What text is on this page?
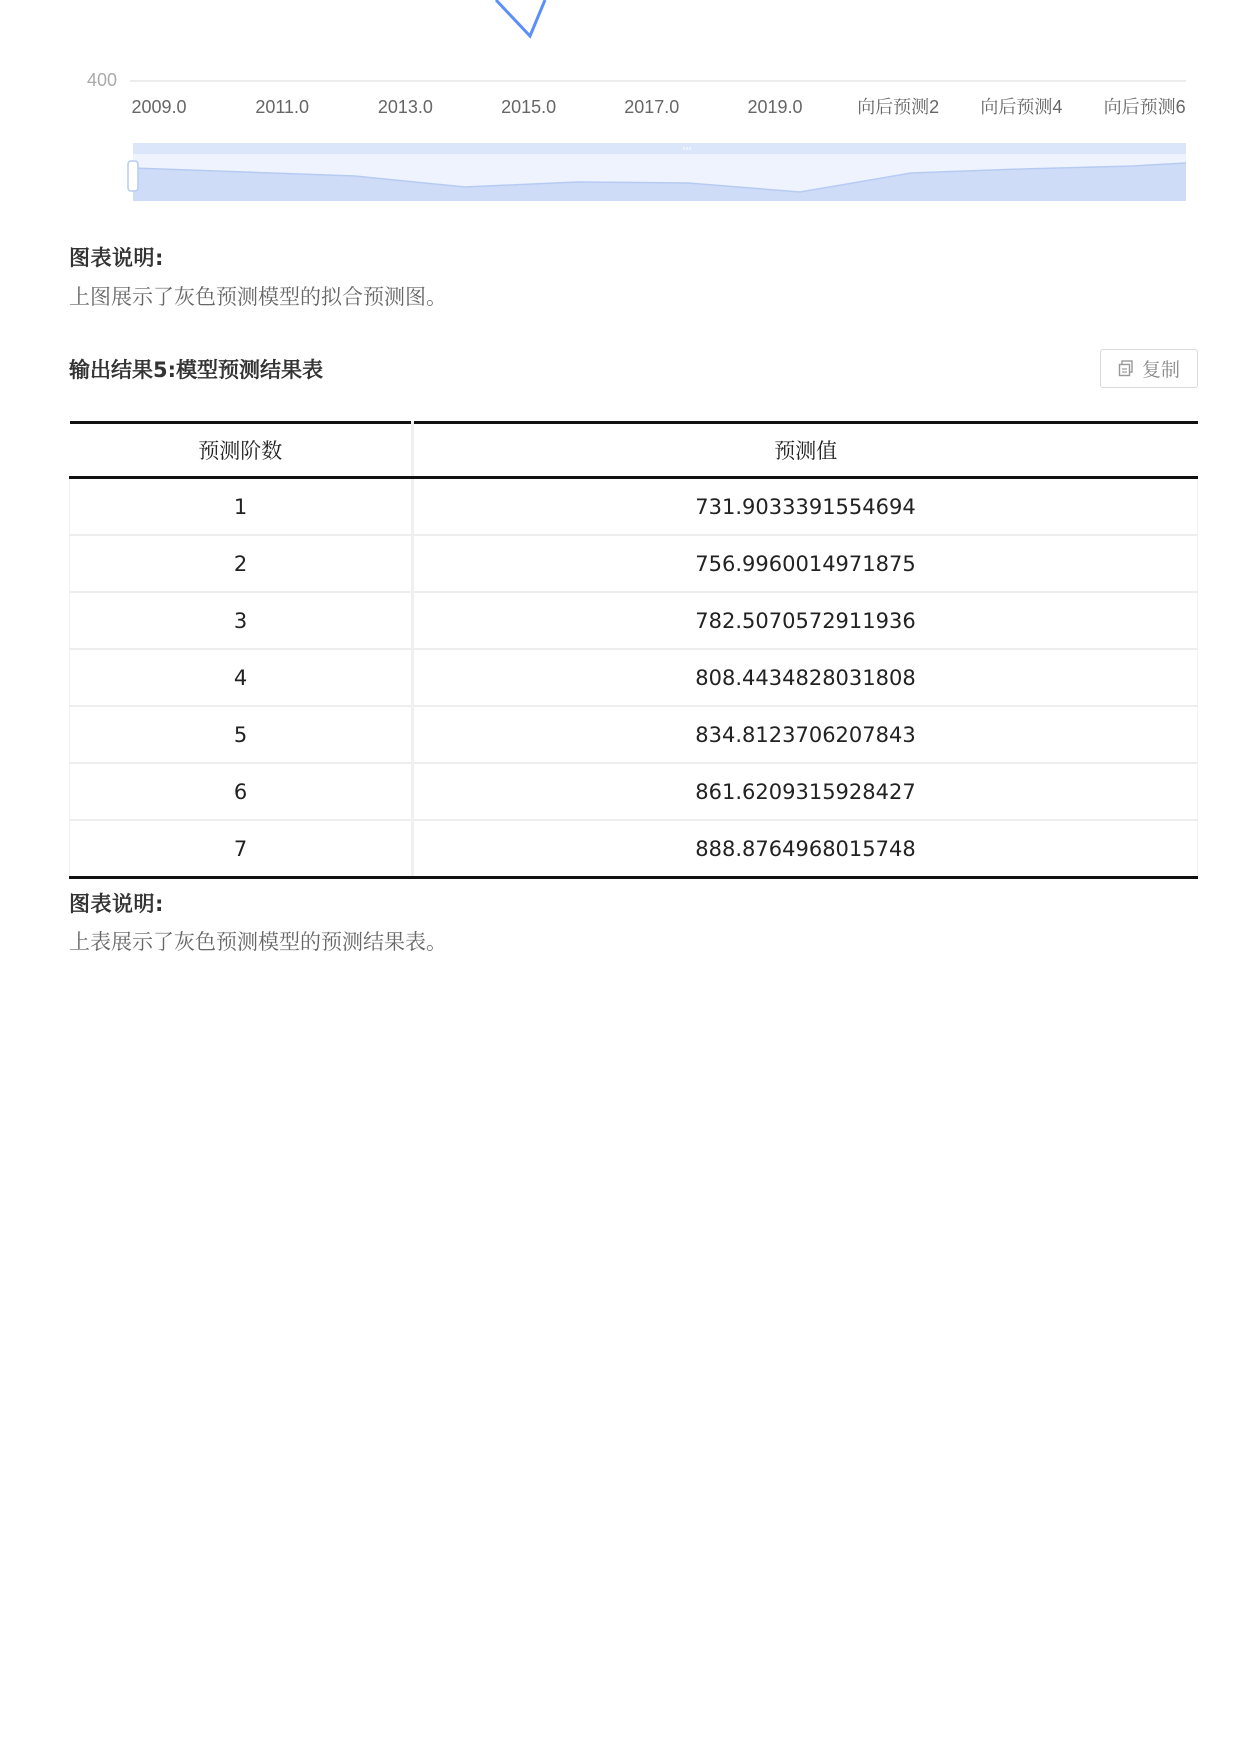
400
2009.0	2011.0	2013.0	2015.0	2017.0	2019.0	向后预测2 向后预测4 向后预测6
图表说明:
上图展示了灰色预测模型的拟合预测图。
输出结果5:模型预测结果表	复制
预测阶数	预测值
1	731.9033391554694
2	756.9960014971875
3	782.5070572911936
4	808.4434828031808
5	834.8123706207843
6	861.6209315928427
7	888.8764968015748
图表说明:
上表展示了灰色预测模型的预测结果表。
